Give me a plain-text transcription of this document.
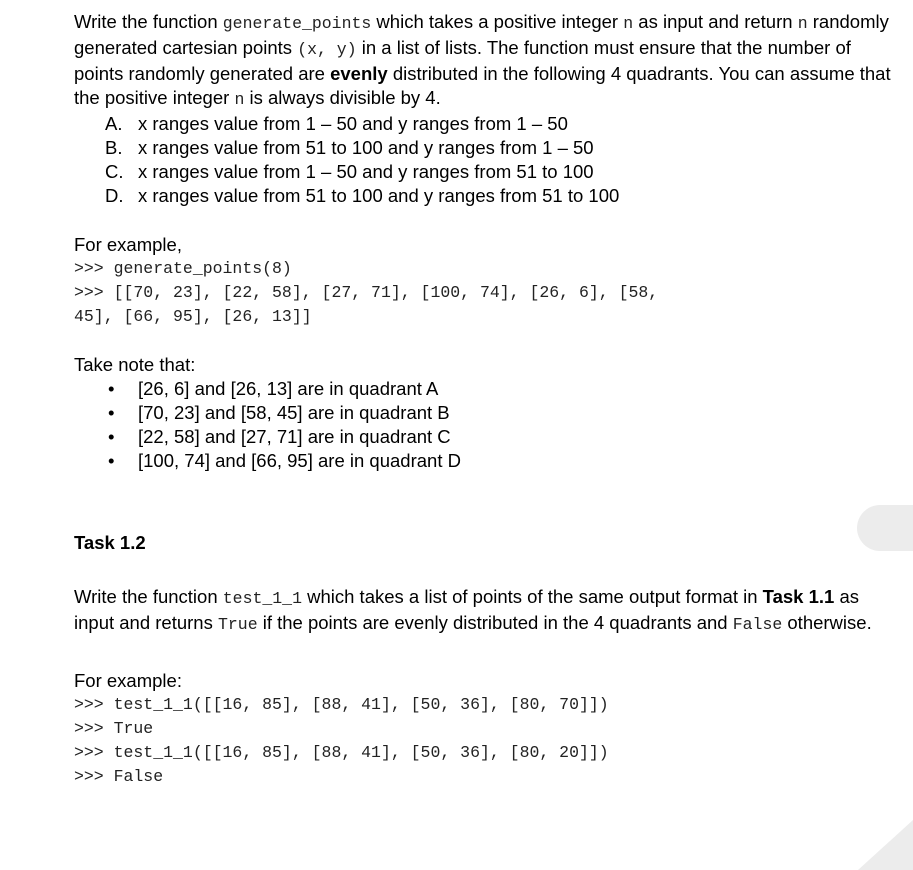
Write the function generate_points which takes a positive integer n as input and return n randomly generated cartesian points (x, y) in a list of lists. The function must ensure that the number of points randomly generated are evenly distributed in the following 4 quadrants. You can assume that the positive integer n is always divisible by 4.

A. x ranges value from 1 – 50 and y ranges from 1 – 50
B. x ranges value from 51 to 100 and y ranges from 1 – 50
C. x ranges value from 1 – 50 and y ranges from 51 to 100
D. x ranges value from 51 to 100 and y ranges from 51 to 100

For example,

>>> generate_points(8)
>>> [[70, 23], [22, 58], [27, 71], [100, 74], [26, 6], [58,
45], [66, 95], [26, 13]]

Take note that:

• [26, 6] and [26, 13] are in quadrant A
• [70, 23] and [58, 45] are in quadrant B
• [22, 58] and [27, 71] are in quadrant C
• [100, 74] and [66, 95] are in quadrant D

Task 1.2

Write the function test_1_1 which takes a list of points of the same output format in Task 1.1 as input and returns True if the points are evenly distributed in the 4 quadrants and False otherwise.

For example:

>>> test_1_1([[16, 85], [88, 41], [50, 36], [80, 70]])
>>> True
>>> test_1_1([[16, 85], [88, 41], [50, 36], [80, 20]])
>>> False
